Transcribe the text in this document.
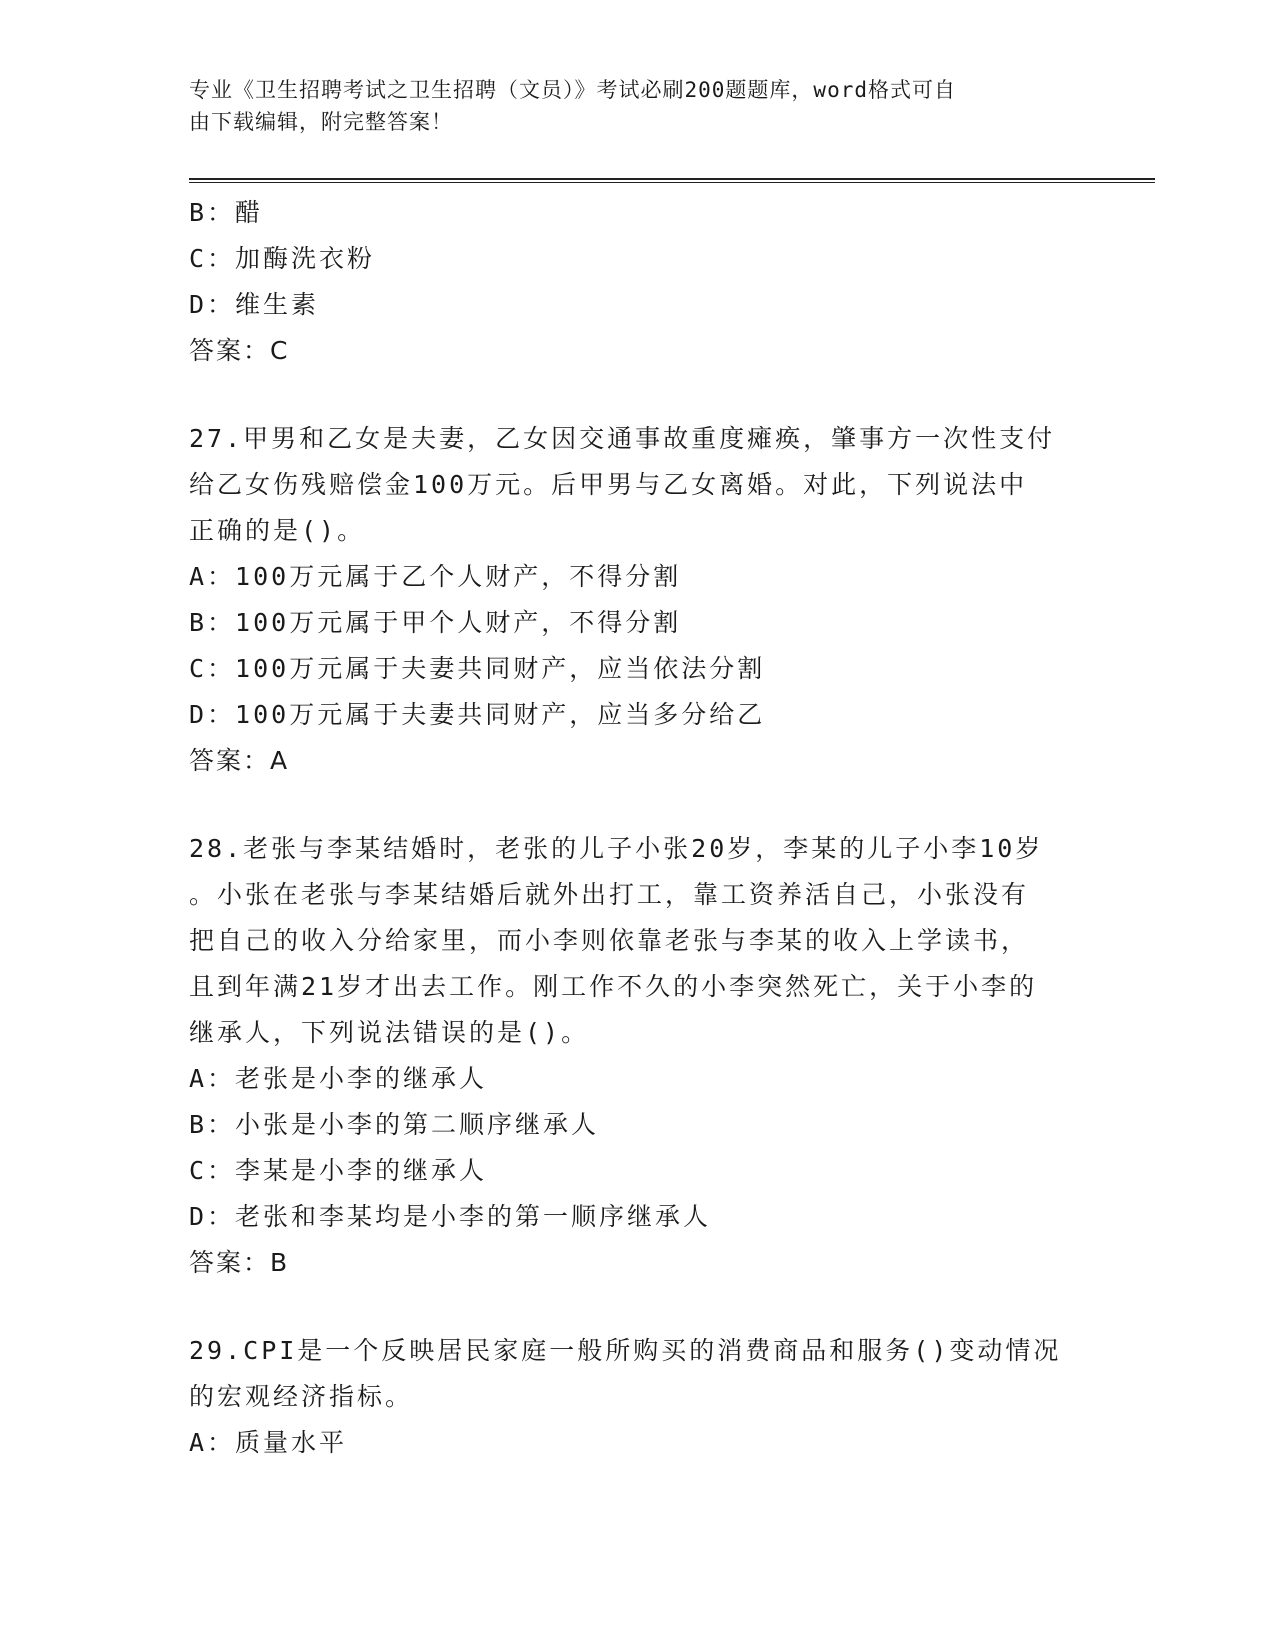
专业《卫生招聘考试之卫生招聘（文员）》考试必刷200题题库，word格式可自
由下载编辑，附完整答案！
B：醋
C：加酶洗衣粉
D：维生素
答案：C
27.甲男和乙女是夫妻，乙女因交通事故重度瘫痪，肇事方一次性支付
给乙女伤残赔偿金100万元。后甲男与乙女离婚。对此，下列说法中
正确的是()。
A：100万元属于乙个人财产，不得分割
B：100万元属于甲个人财产，不得分割
C：100万元属于夫妻共同财产，应当依法分割
D：100万元属于夫妻共同财产，应当多分给乙
答案：A
28.老张与李某结婚时，老张的儿子小张20岁，李某的儿子小李10岁
。小张在老张与李某结婚后就外出打工，靠工资养活自己，小张没有
把自己的收入分给家里，而小李则依靠老张与李某的收入上学读书，
且到年满21岁才出去工作。刚工作不久的小李突然死亡，关于小李的
继承人，下列说法错误的是()。
A：老张是小李的继承人
B：小张是小李的第二顺序继承人
C：李某是小李的继承人
D：老张和李某均是小李的第一顺序继承人
答案：B
29.CPI是一个反映居民家庭一般所购买的消费商品和服务()变动情况
的宏观经济指标。
A：质量水平
